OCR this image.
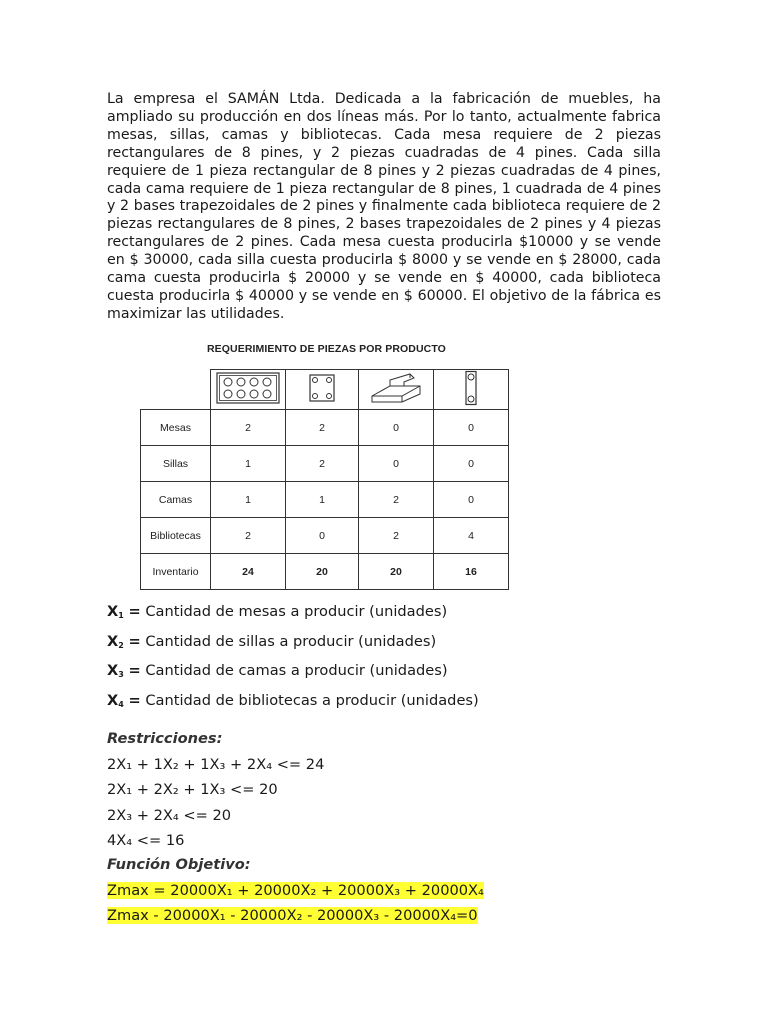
La empresa el SAMÁN Ltda. Dedicada a la fabricación de muebles, ha ampliado su producción en dos líneas más. Por lo tanto, actualmente fabrica mesas, sillas, camas y bibliotecas. Cada mesa requiere de 2 piezas rectangulares de 8 pines, y 2 piezas cuadradas de 4 pines. Cada silla requiere de 1 pieza rectangular de 8 pines y 2 piezas cuadradas de 4 pines, cada cama requiere de 1 pieza rectangular de 8 pines, 1 cuadrada de 4 pines y 2 bases trapezoidales de 2 pines y finalmente cada biblioteca requiere de 2 piezas rectangulares de 8 pines, 2 bases trapezoidales de 2 pines y 4 piezas rectangulares de 2 pines. Cada mesa cuesta producirla $10000 y se vende en $ 30000, cada silla cuesta producirla $ 8000 y se vende en $ 28000, cada cama cuesta producirla $ 20000 y se vende en $ 40000, cada biblioteca cuesta producirla $ 40000 y se vende en $ 60000. El objetivo de la fábrica es maximizar las utilidades.

REQUERIMIENTO DE PIEZAS POR PRODUCTO

Mesas	2	2	0	0
Sillas	1	2	0	0
Camas	1	1	2	0
Bibliotecas	2	0	2	4
Inventario	24	20	20	16
$X_1$ = Cantidad de mesas a producir (unidades)
$X_2$ = Cantidad de sillas a producir (unidades)
$X_3$ = Cantidad de camas a producir (unidades)
$X_4$ = Cantidad de bibliotecas a producir (unidades)
Restricciones:
2X₁ + 1X₂ + 1X₃ + 2X₄ <= 24
2X₁ + 2X₂ + 1X₃ <= 20
2X₃ + 2X₄ <= 20
4X₄ <= 16
Función Objetivo:
Zmax = 20000X₁ + 20000X₂ + 20000X₃ + 20000X₄
Zmax - 20000X₁ - 20000X₂ - 20000X₃ - 20000X₄=0
